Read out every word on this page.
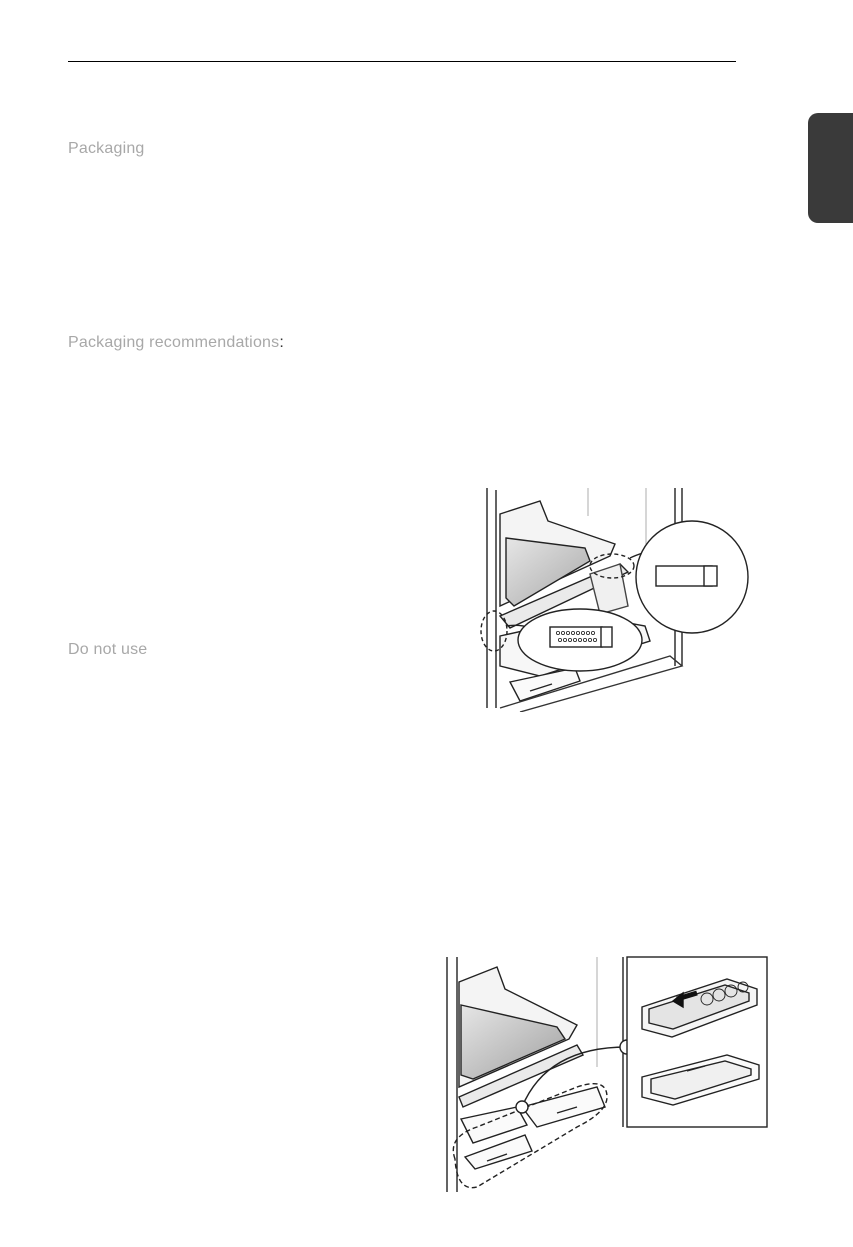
Packaging
Packaging recommendations:
Do not use
